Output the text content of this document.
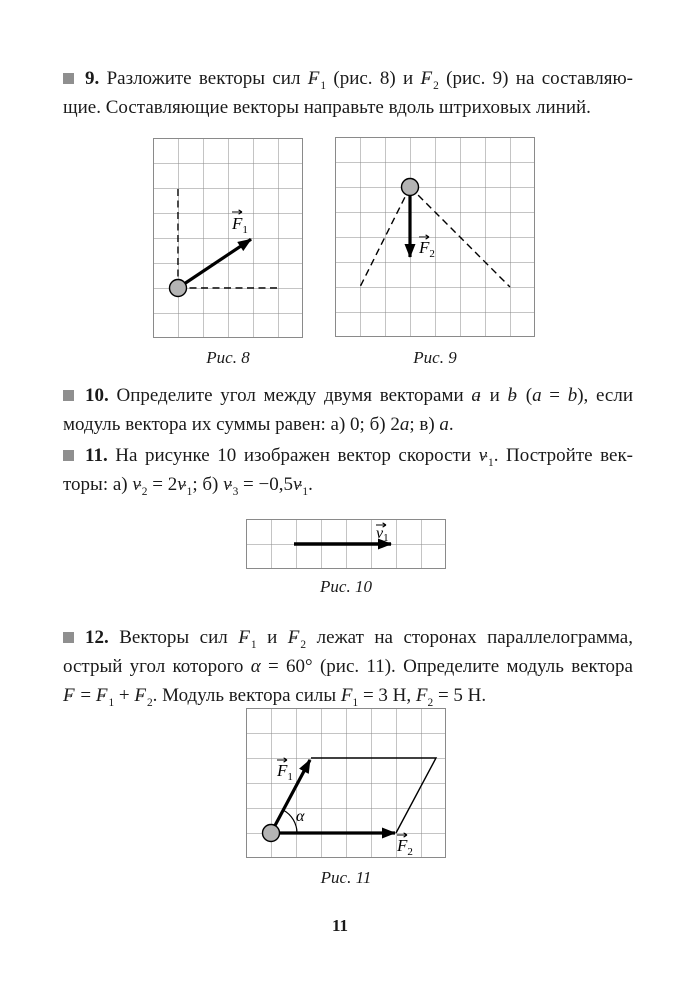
9. Разложите векторы сил → $F_1$ (рис. 8) $и \to F_2$ (рис. 9) на составляю-
щие. Составляющие векторы направьте вдоль штриховых линий.
$F_1$
Рис. 8
$F_2$
Рис. 9
10. Определите угол между двумя векторами → a и → b (a = b), если
модуль вектора их суммы равен: а) 0; б) 2a; в) a.
11. На рисунке 10 изображен вектор скорости → $v_1$. Постройте век-
торы: $а) \to v_2 = 2\to v_1$; $б) \to v_3 = -0,5\to v_1$.
v1
Рис. 10
12. Векторы сил → $F_1$ $и \to F_2$ лежат на сторонах параллелограмма,
острый угол которого α = 60° (рис. 11). Определите модуль вектора
→ F = → $F_1$ + → $F_2$. Модуль вектора силы $F_1 = 3$ Н, $F_2 = 5$ Н.
$F_1$
α
$F_2$
Рис. 11
11
